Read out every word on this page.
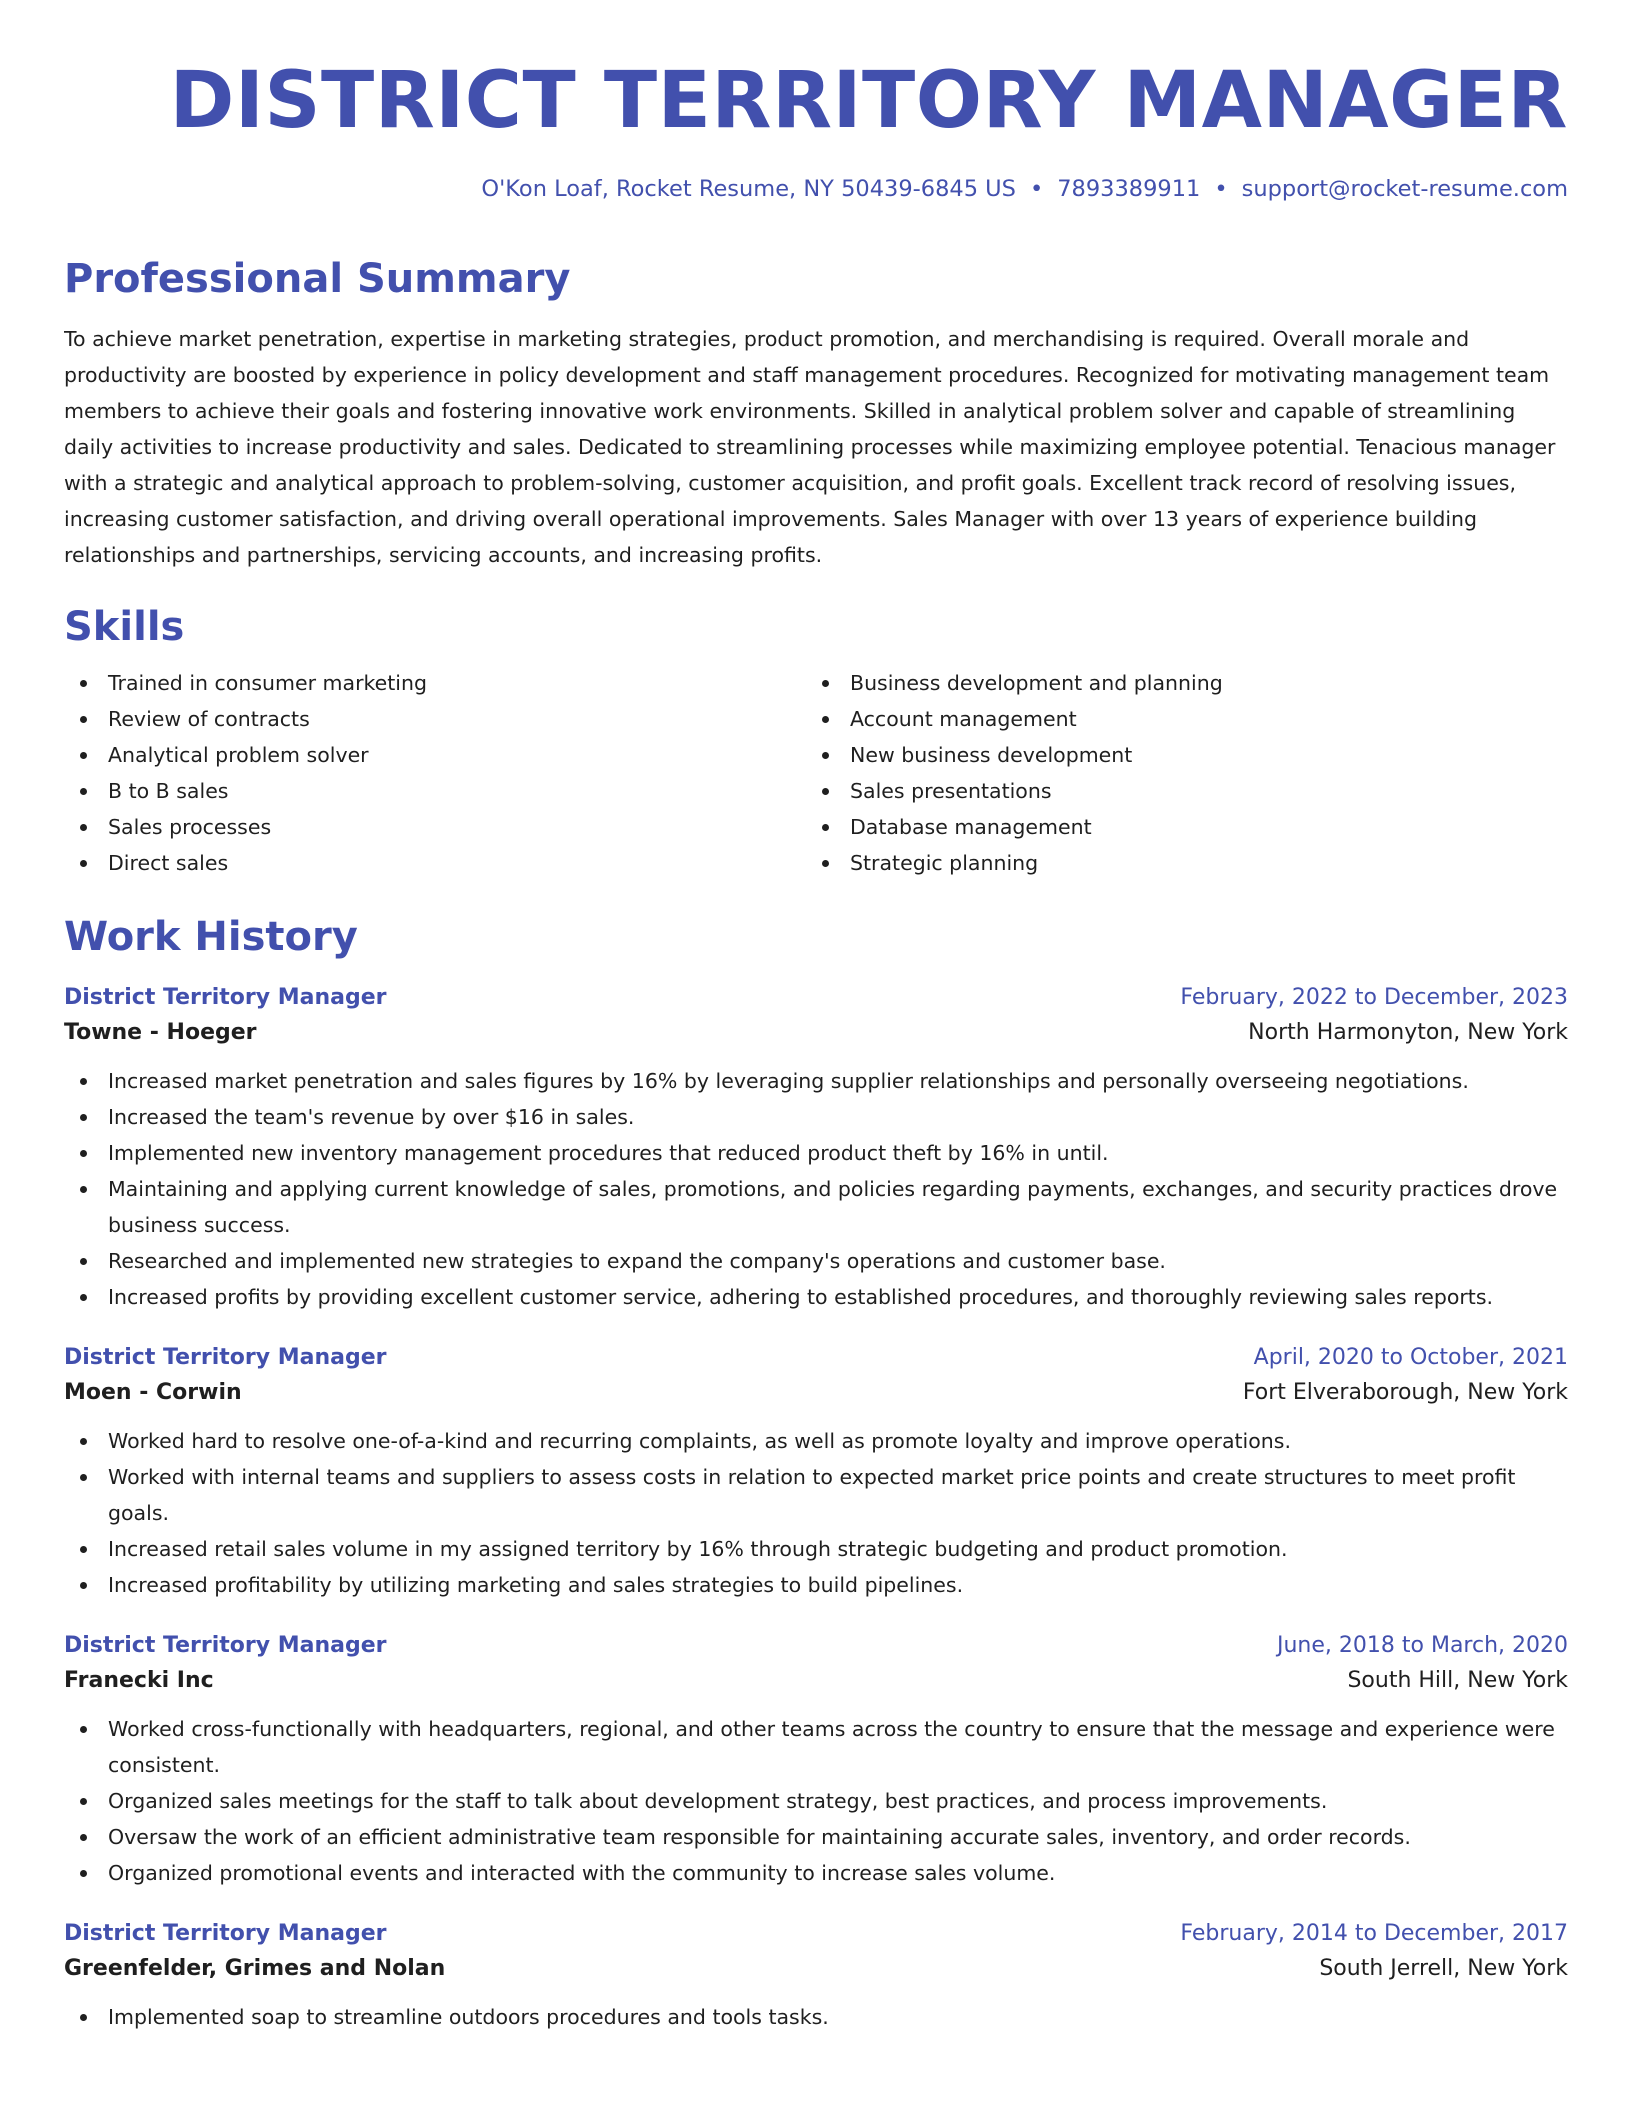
DISTRICT TERRITORY MANAGER
O'Kon Loaf, Rocket Resume, NY 50439-6845 US • 7893389911 • support@rocket-resume.com
Professional Summary

To achieve market penetration, expertise in marketing strategies, product promotion, and merchandising is required. Overall morale and productivity are boosted by experience in policy development and staff management procedures. Recognized for motivating management team members to achieve their goals and fostering innovative work environments. Skilled in analytical problem solver and capable of streamlining daily activities to increase productivity and sales. Dedicated to streamlining processes while maximizing employee potential. Tenacious manager with a strategic and analytical approach to problem-solving, customer acquisition, and profit goals. Excellent track record of resolving issues, increasing customer satisfaction, and driving overall operational improvements. Sales Manager with over 13 years of experience building relationships and partnerships, servicing accounts, and increasing profits.

Skills
Trained in consumer marketing
Review of contracts
Analytical problem solver
B to B sales
Sales processes
Direct sales
Business development and planning
Account management
New business development
Sales presentations
Database management
Strategic planning
Work History
District Territory Manager	February, 2022 to December, 2023
Towne - Hoeger	North Harmonyton, New York
Increased market penetration and sales figures by 16% by leveraging supplier relationships and personally overseeing negotiations.
Increased the team's revenue by over $16 in sales.
Implemented new inventory management procedures that reduced product theft by 16% in until.
Maintaining and applying current knowledge of sales, promotions, and policies regarding payments, exchanges, and security practices drove business success.
Researched and implemented new strategies to expand the company's operations and customer base.
Increased profits by providing excellent customer service, adhering to established procedures, and thoroughly reviewing sales reports.
District Territory Manager	April, 2020 to October, 2021
Moen - Corwin	Fort Elveraborough, New York
Worked hard to resolve one-of-a-kind and recurring complaints, as well as promote loyalty and improve operations.
Worked with internal teams and suppliers to assess costs in relation to expected market price points and create structures to meet profit goals.
Increased retail sales volume in my assigned territory by 16% through strategic budgeting and product promotion.
Increased profitability by utilizing marketing and sales strategies to build pipelines.
District Territory Manager	June, 2018 to March, 2020
Franecki Inc	South Hill, New York
Worked cross-functionally with headquarters, regional, and other teams across the country to ensure that the message and experience were consistent.
Organized sales meetings for the staff to talk about development strategy, best practices, and process improvements.
Oversaw the work of an efficient administrative team responsible for maintaining accurate sales, inventory, and order records.
Organized promotional events and interacted with the community to increase sales volume.
District Territory Manager	February, 2014 to December, 2017
Greenfelder, Grimes and Nolan	South Jerrell, New York
Implemented soap to streamline outdoors procedures and tools tasks.
